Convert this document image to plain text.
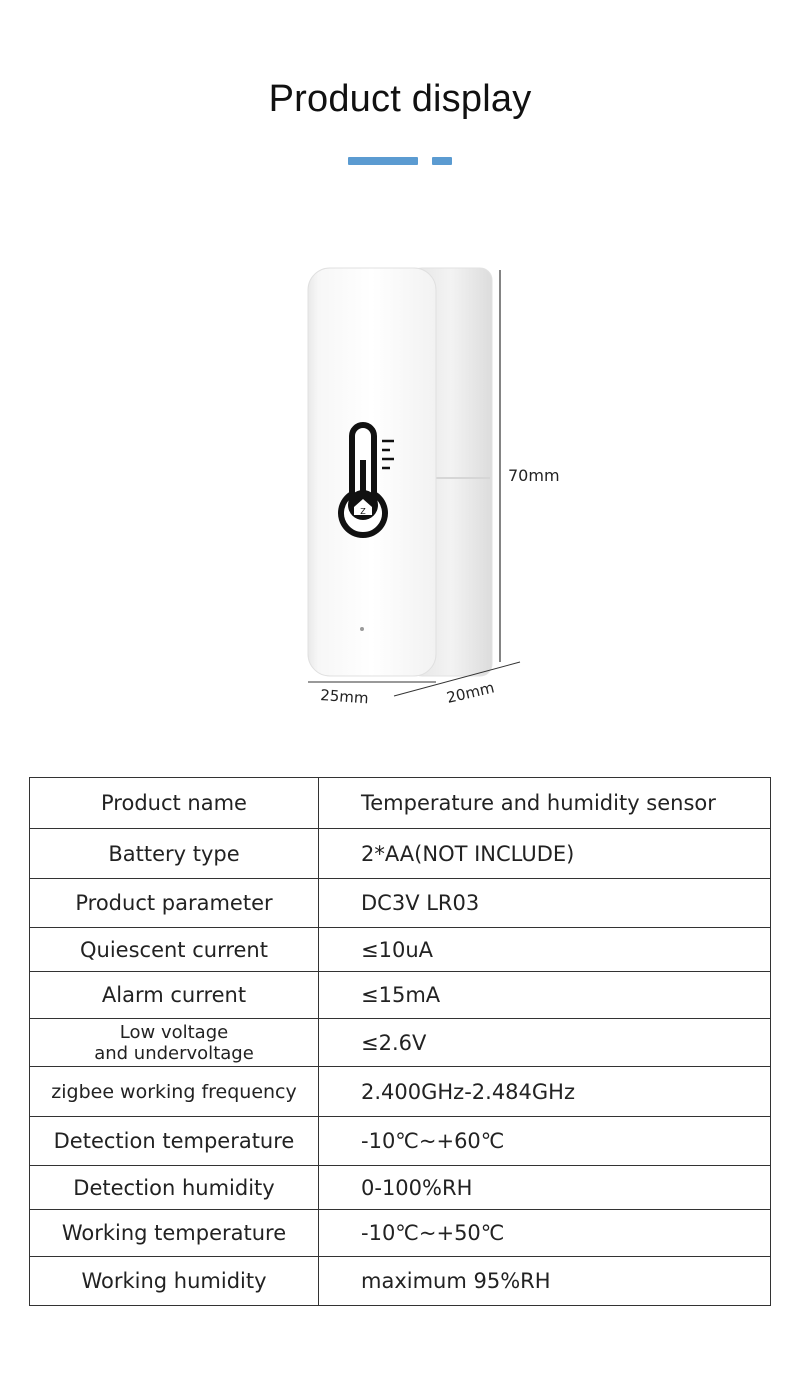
Product display
Z
70mm
25mm	20mm
Product name	Temperature and humidity sensor
Battery type	2*AA(NOT INCLUDE)
Product parameter	DC3V LR03
Quiescent current	≤10uA
Alarm current	≤15mA

Low voltage
and undervoltage	≤2.6V
zigbee working frequency	2.400GHz-2.484GHz
Detection temperature	-10℃~+60℃
Detection humidity	0-100%RH
Working temperature	-10℃~+50℃
Working humidity	maximum 95%RH
